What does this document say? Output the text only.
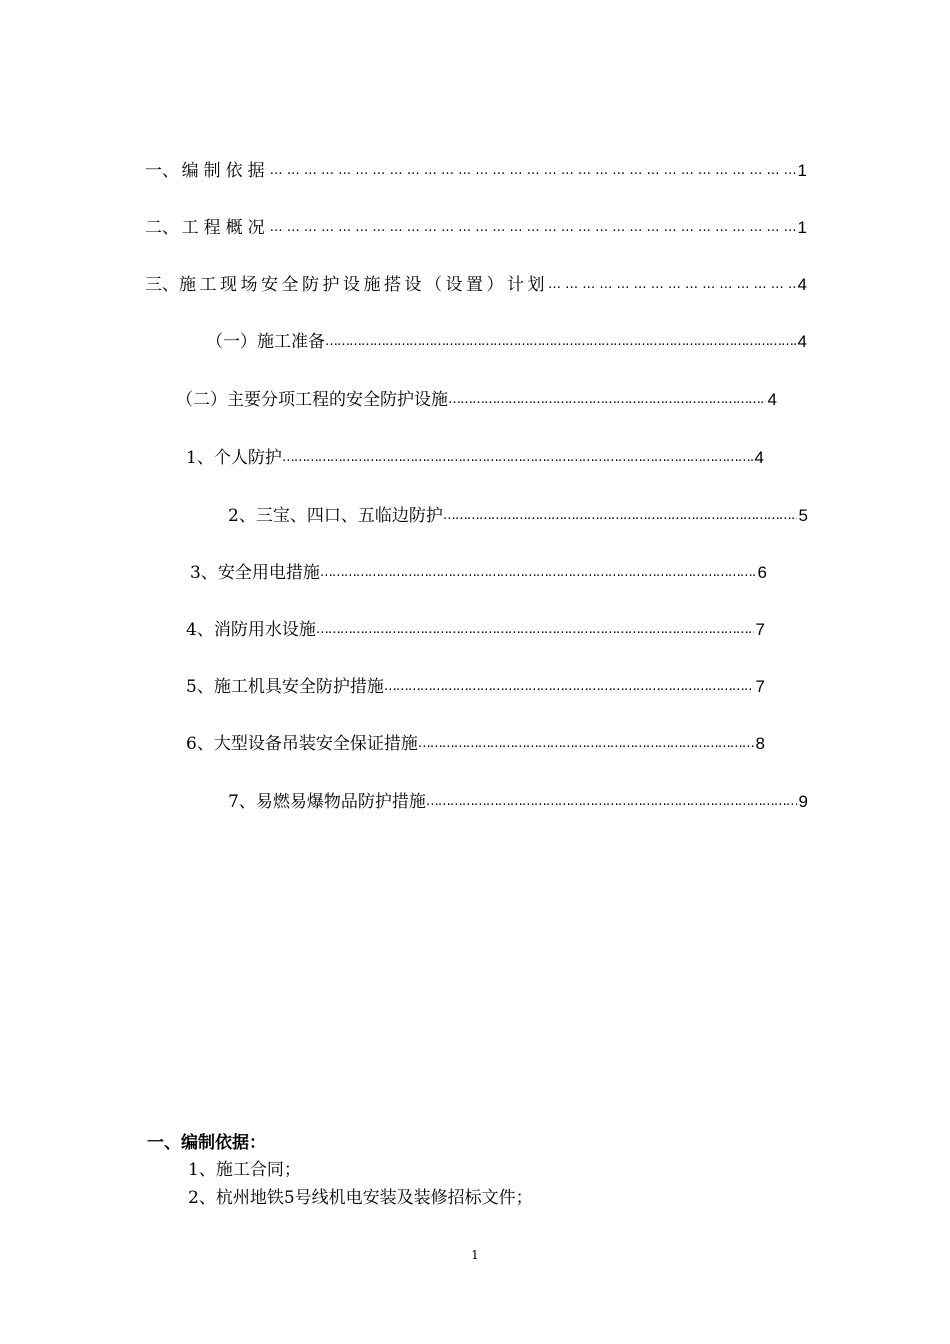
一、 编制依据 … … … … … … … … … … … … … … … … … … … … … … … … … … … … … … … … … … … … … … … … … … … … … … … …	1
二、 工程概况 … … … … … … … … … … … … … … … … … … … … … … … … … … … … … … … … … … … … … … … … … … … … … … … …	1
三、 施工现场安全防护设施搭设（设置）计划 … … … … … … … … … … … … … … … … … … … … … … … … … … … … … … … … … … … … … … … … … … … … … … … …	4
（一）施工准备 …………………………………………………………………………………………………………………………………………………………………………	4
（二）主要分项工程的安全防护设施 …………………………………………………………………………………………………………………………………………………………………………	4
1、个人防护 …………………………………………………………………………………………………………………………………………………………………………	4
2、三宝、四口、五临边防护 …………………………………………………………………………………………………………………………………………………………………………	5
3、安全用电措施 …………………………………………………………………………………………………………………………………………………………………………	6
4、消防用水设施 …………………………………………………………………………………………………………………………………………………………………………	7
5、施工机具安全防护措施 …………………………………………………………………………………………………………………………………………………………………………	7
6、大型设备吊装安全保证措施 …………………………………………………………………………………………………………………………………………………………………………	8
7、易燃易爆物品防护措施 …………………………………………………………………………………………………………………………………………………………………………	9
一、编制依据：
1、施工合同；
2、杭州地铁5号线机电安装及装修招标文件；
1
